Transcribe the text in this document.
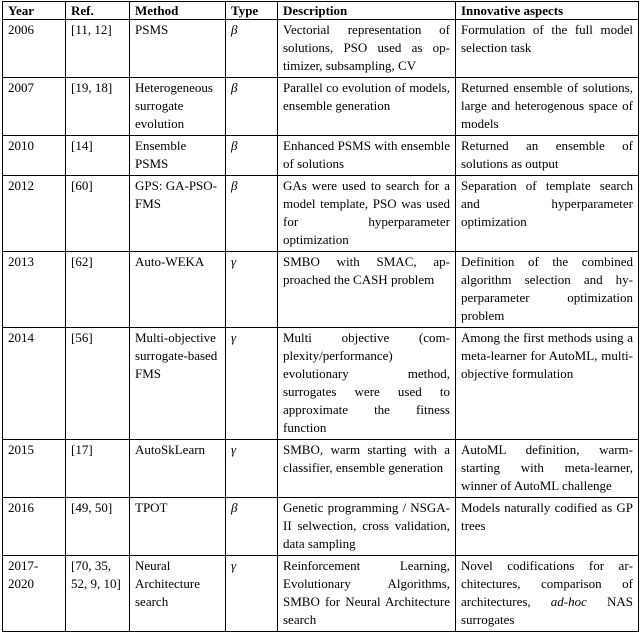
Year	Ref.	Method	Type	Description	Innovative aspects
2006	[11, 12]	PSMS	β	Vectorial representation of solutions, PSO used as optimizer, subsampling, CV	Formulation of the full model selection task
2007	[19, 18]	Heterogeneous surrogate evolution	β	Parallel co evolution of models, ensemble generation	Returned ensemble of solutions, large and heterogenous space of models
2010	[14]	Ensemble PSMS	β	Enhanced PSMS with ensemble of solutions	Returned an ensemble of solutions as output
2012	[60]	GPS: GA-PSO-FMS	β	GAs were used to search for a model template, PSO was used for hyperparameter optimization	Separation of template search and hyperparameter optimization
2013	[62]	Auto-WEKA	γ	SMBO with SMAC, approached the CASH problem	Definition of the combined algorithm selection and hyperparameter optimization problem
2014	[56]	Multi-objective surrogate-based FMS	γ	Multi objective (complexity/performance) evolutionary method, surrogates were used to approximate the fitness function	Among the first methods using a meta-learner for AutoML, multi-objective formulation
2015	[17]	AutoSkLearn	γ	SMBO, warm starting with a classifier, ensemble generation	AutoML definition, warm-starting with meta-learner, winner of AutoML challenge
2016	[49, 50]	TPOT	β	Genetic programming / NSGA-II selwection, cross validation, data sampling	Models naturally codified as GP trees
2017-2020	[70, 35, 52, 9, 10]	Neural Architecture search	γ	Reinforcement Learning, Evolutionary Algorithms, SMBO for Neural Architecture search	Novel codifications for architectures, comparison of architectures, ad-hoc NAS surrogates
